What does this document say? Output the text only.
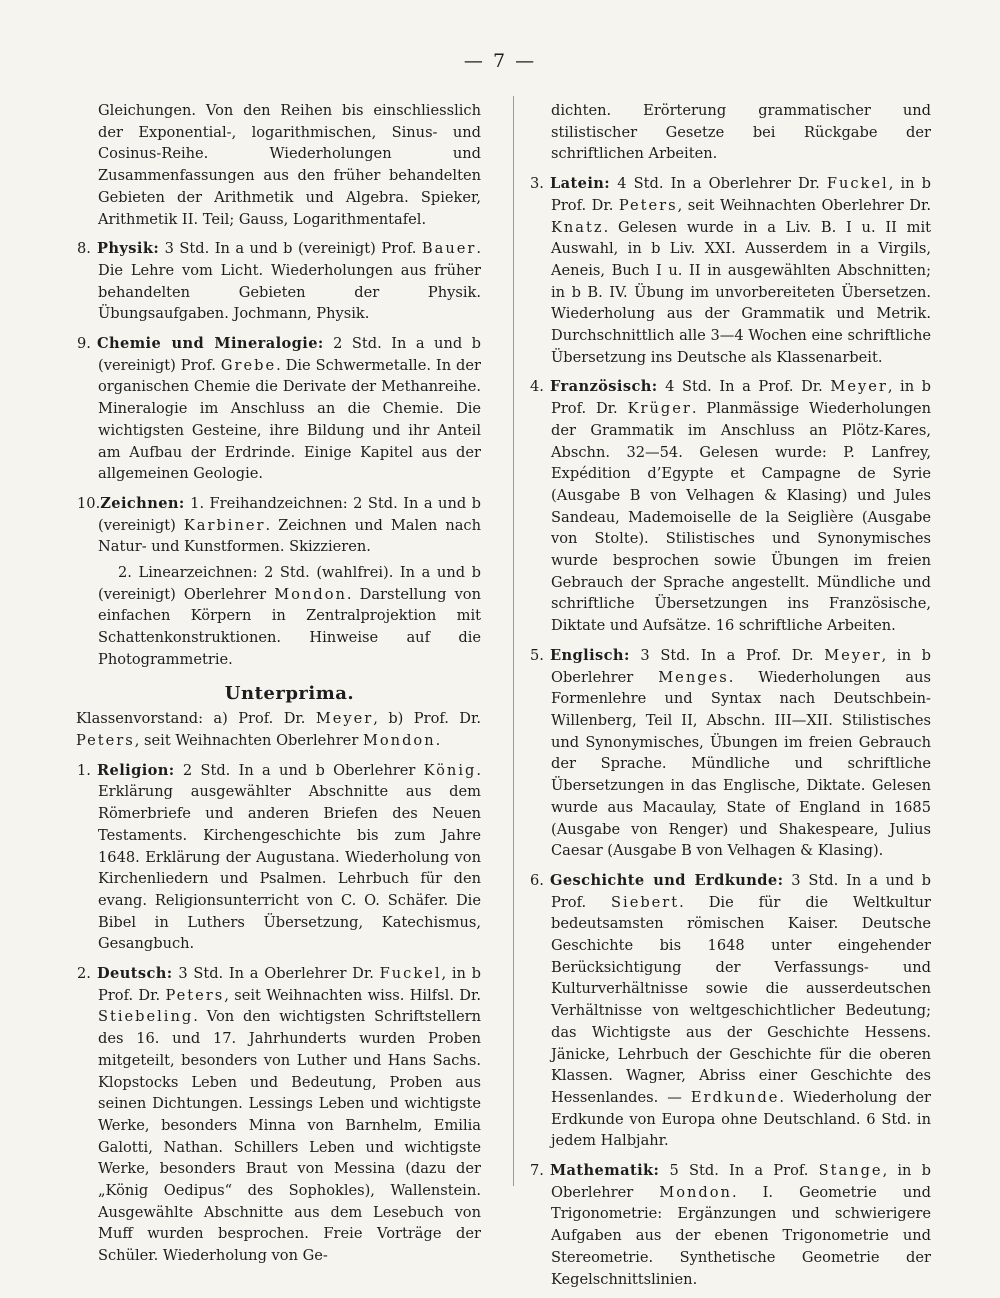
— 7 —

Gleichungen. Von den Reihen bis einschliesslich der Exponential-, logarithmischen, Sinus- und Cosinus-Reihe. Wiederholungen und Zusammenfassungen aus den früher behandelten Gebieten der Arithmetik und Algebra. Spieker, Arithmetik II. Teil; Gauss, Logarithmentafel.

8. Physik: 3 Std. In a und b (vereinigt) Prof. Bauer. Die Lehre vom Licht. Wiederholungen aus früher behandelten Gebieten der Physik. Übungsaufgaben. Jochmann, Physik.

9. Chemie und Mineralogie: 2 Std. In a und b (vereinigt) Prof. Grebe. Die Schwermetalle. In der organischen Chemie die Derivate der Methanreihe. Mineralogie im Anschluss an die Chemie. Die wichtigsten Gesteine, ihre Bildung und ihr Anteil am Aufbau der Erdrinde. Einige Kapitel aus der allgemeinen Geologie.

10.Zeichnen: 1. Freihandzeichnen: 2 Std. In a und b (vereinigt) Karbiner. Zeichnen und Malen nach Natur- und Kunstformen. Skizzieren.

2. Linearzeichnen: 2 Std. (wahlfrei). In a und b (vereinigt) Oberlehrer Mondon. Darstellung von einfachen Körpern in Zentralprojektion mit Schattenkonstruktionen. Hinweise auf die Photogrammetrie.

Unterprima.

Klassenvorstand: a) Prof. Dr. Meyer, b) Prof. Dr. Peters, seit Weihnachten Oberlehrer Mondon.

1. Religion: 2 Std. In a und b Oberlehrer König. Erklärung ausgewählter Abschnitte aus dem Römerbriefe und anderen Briefen des Neuen Testaments. Kirchengeschichte bis zum Jahre 1648. Erklärung der Augustana. Wiederholung von Kirchenliedern und Psalmen. Lehrbuch für den evang. Religionsunterricht von C. O. Schäfer. Die Bibel in Luthers Übersetzung, Katechismus, Gesangbuch.

2. Deutsch: 3 Std. In a Oberlehrer Dr. Fuckel, in b Prof. Dr. Peters, seit Weihnachten wiss. Hilfsl. Dr. Stiebeling. Von den wichtigsten Schriftstellern des 16. und 17. Jahrhunderts wurden Proben mitgeteilt, besonders von Luther und Hans Sachs. Klopstocks Leben und Bedeutung, Proben aus seinen Dichtungen. Lessings Leben und wichtigste Werke, besonders Minna von Barnhelm, Emilia Galotti, Nathan. Schillers Leben und wichtigste Werke, besonders Braut von Messina (dazu der „König Oedipus“ des Sophokles), Wallenstein. Ausgewählte Abschnitte aus dem Lesebuch von Muff wurden besprochen. Freie Vorträge der Schüler. Wiederholung von Ge-

dichten. Erörterung grammatischer und stilistischer Gesetze bei Rückgabe der schriftlichen Arbeiten.

3. Latein: 4 Std. In a Oberlehrer Dr. Fuckel, in b Prof. Dr. Peters, seit Weihnachten Oberlehrer Dr. Knatz. Gelesen wurde in a Liv. B. I u. II mit Auswahl, in b Liv. XXI. Ausserdem in a Virgils, Aeneis, Buch I u. II in ausgewählten Abschnitten; in b B. IV. Übung im unvorbereiteten Übersetzen. Wiederholung aus der Grammatik und Metrik. Durchschnittlich alle 3—4 Wochen eine schriftliche Übersetzung ins Deutsche als Klassenarbeit.

4. Französisch: 4 Std. In a Prof. Dr. Meyer, in b Prof. Dr. Krüger. Planmässige Wiederholungen der Grammatik im Anschluss an Plötz-Kares, Abschn. 32—54. Gelesen wurde: P. Lanfrey, Expédition d’Egypte et Campagne de Syrie (Ausgabe B von Velhagen & Klasing) und Jules Sandeau, Mademoiselle de la Seiglière (Ausgabe von Stolte). Stilistisches und Synonymisches wurde besprochen sowie Übungen im freien Gebrauch der Sprache angestellt. Mündliche und schriftliche Übersetzungen ins Französische, Diktate und Aufsätze. 16 schriftliche Arbeiten.

5. Englisch: 3 Std. In a Prof. Dr. Meyer, in b Oberlehrer Menges. Wiederholungen aus Formenlehre und Syntax nach Deutschbein-Willenberg, Teil II, Abschn. III—XII. Stilistisches und Synonymisches, Übungen im freien Gebrauch der Sprache. Mündliche und schriftliche Übersetzungen in das Englische, Diktate. Gelesen wurde aus Macaulay, State of England in 1685 (Ausgabe von Renger) und Shakespeare, Julius Caesar (Ausgabe B von Velhagen & Klasing).

6. Geschichte und Erdkunde: 3 Std. In a und b Prof. Siebert. Die für die Weltkultur bedeutsamsten römischen Kaiser. Deutsche Geschichte bis 1648 unter eingehender Berücksichtigung der Verfassungs- und Kulturverhältnisse sowie die ausserdeutschen Verhältnisse von weltgeschichtlicher Bedeutung; das Wichtigste aus der Geschichte Hessens. Jänicke, Lehrbuch der Geschichte für die oberen Klassen. Wagner, Abriss einer Geschichte des Hessenlandes. — Erdkunde. Wiederholung der Erdkunde von Europa ohne Deutschland. 6 Std. in jedem Halbjahr.

7. Mathematik: 5 Std. In a Prof. Stange, in b Oberlehrer Mondon. I. Geometrie und Trigonometrie: Ergänzungen und schwierigere Aufgaben aus der ebenen Trigonometrie und Stereometrie. Synthetische Geometrie der Kegelschnittslinien.
